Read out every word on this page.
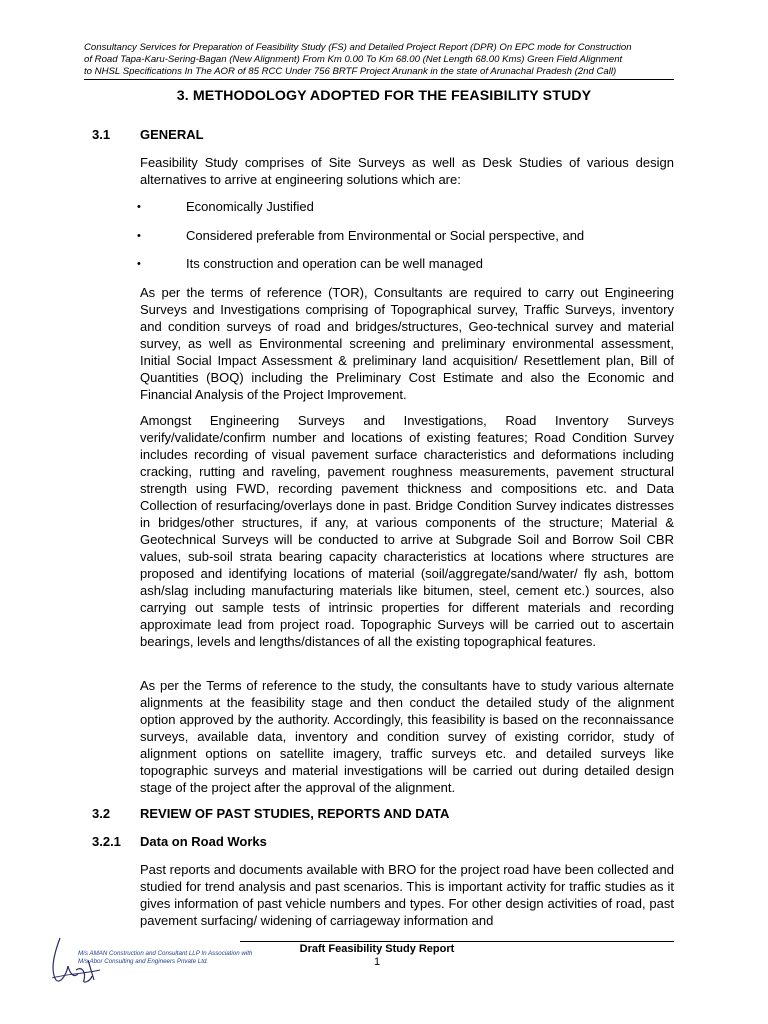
Consultancy Services for Preparation of Feasibility Study (FS) and Detailed Project Report (DPR) On EPC mode for Construction
of Road Tapa-Karu-Sering-Bagan (New Alignment) From Km 0.00 To Km 68.00 (Net Length 68.00 Kms) Green Field Alignment
to NHSL Specifications In The AOR of 85 RCC Under 756 BRTF Project Arunank in the state of Arunachal Pradesh (2nd Call)
3. METHODOLOGY ADOPTED FOR THE FEASIBILITY STUDY
3.1 GENERAL

Feasibility Study comprises of Site Surveys as well as Desk Studies of various design alternatives to arrive at engineering solutions which are:

•	Economically Justified
•	Considered preferable from Environmental or Social perspective, and
•	Its construction and operation can be well managed

As per the terms of reference (TOR), Consultants are required to carry out Engineering Surveys and Investigations comprising of Topographical survey, Traffic Surveys, inventory and condition surveys of road and bridges/structures, Geo-technical survey and material survey, as well as Environmental screening and preliminary environmental assessment, Initial Social Impact Assessment & preliminary land acquisition/ Resettlement plan, Bill of Quantities (BOQ) including the Preliminary Cost Estimate and also the Economic and Financial Analysis of the Project Improvement.

Amongst Engineering Surveys and Investigations, Road Inventory Surveys verify/validate/confirm number and locations of existing features; Road Condition Survey includes recording of visual pavement surface characteristics and deformations including cracking, rutting and raveling, pavement roughness measurements, pavement structural strength using FWD, recording pavement thickness and compositions etc. and Data Collection of resurfacing/overlays done in past. Bridge Condition Survey indicates distresses in bridges/other structures, if any, at various components of the structure; Material & Geotechnical Surveys will be conducted to arrive at Subgrade Soil and Borrow Soil CBR values, sub-soil strata bearing capacity characteristics at locations where structures are proposed and identifying locations of material (soil/aggregate/sand/water/ fly ash, bottom ash/slag including manufacturing materials like bitumen, steel, cement etc.) sources, also carrying out sample tests of intrinsic properties for different materials and recording approximate lead from project road. Topographic Surveys will be carried out to ascertain bearings, levels and lengths/distances of all the existing topographical features.

As per the Terms of reference to the study, the consultants have to study various alternate alignments at the feasibility stage and then conduct the detailed study of the alignment option approved by the authority. Accordingly, this feasibility is based on the reconnaissance surveys, available data, inventory and condition survey of existing corridor, study of alignment options on satellite imagery, traffic surveys etc. and detailed surveys like topographic surveys and material investigations will be carried out during detailed design stage of the project after the approval of the alignment.

3.2 REVIEW OF PAST STUDIES, REPORTS AND DATA
3.2.1 Data on Road Works

Past reports and documents available with BRO for the project road have been collected and studied for trend analysis and past scenarios. This is important activity for traffic studies as it gives information of past vehicle numbers and types. For other design activities of road, past pavement surfacing/ widening of carriageway information and

Draft Feasibility Study Report
1
M/s AMAN Construction and Consultant LLP In Association with
M/s Abor Consulting and Engineers Private Ltd.
